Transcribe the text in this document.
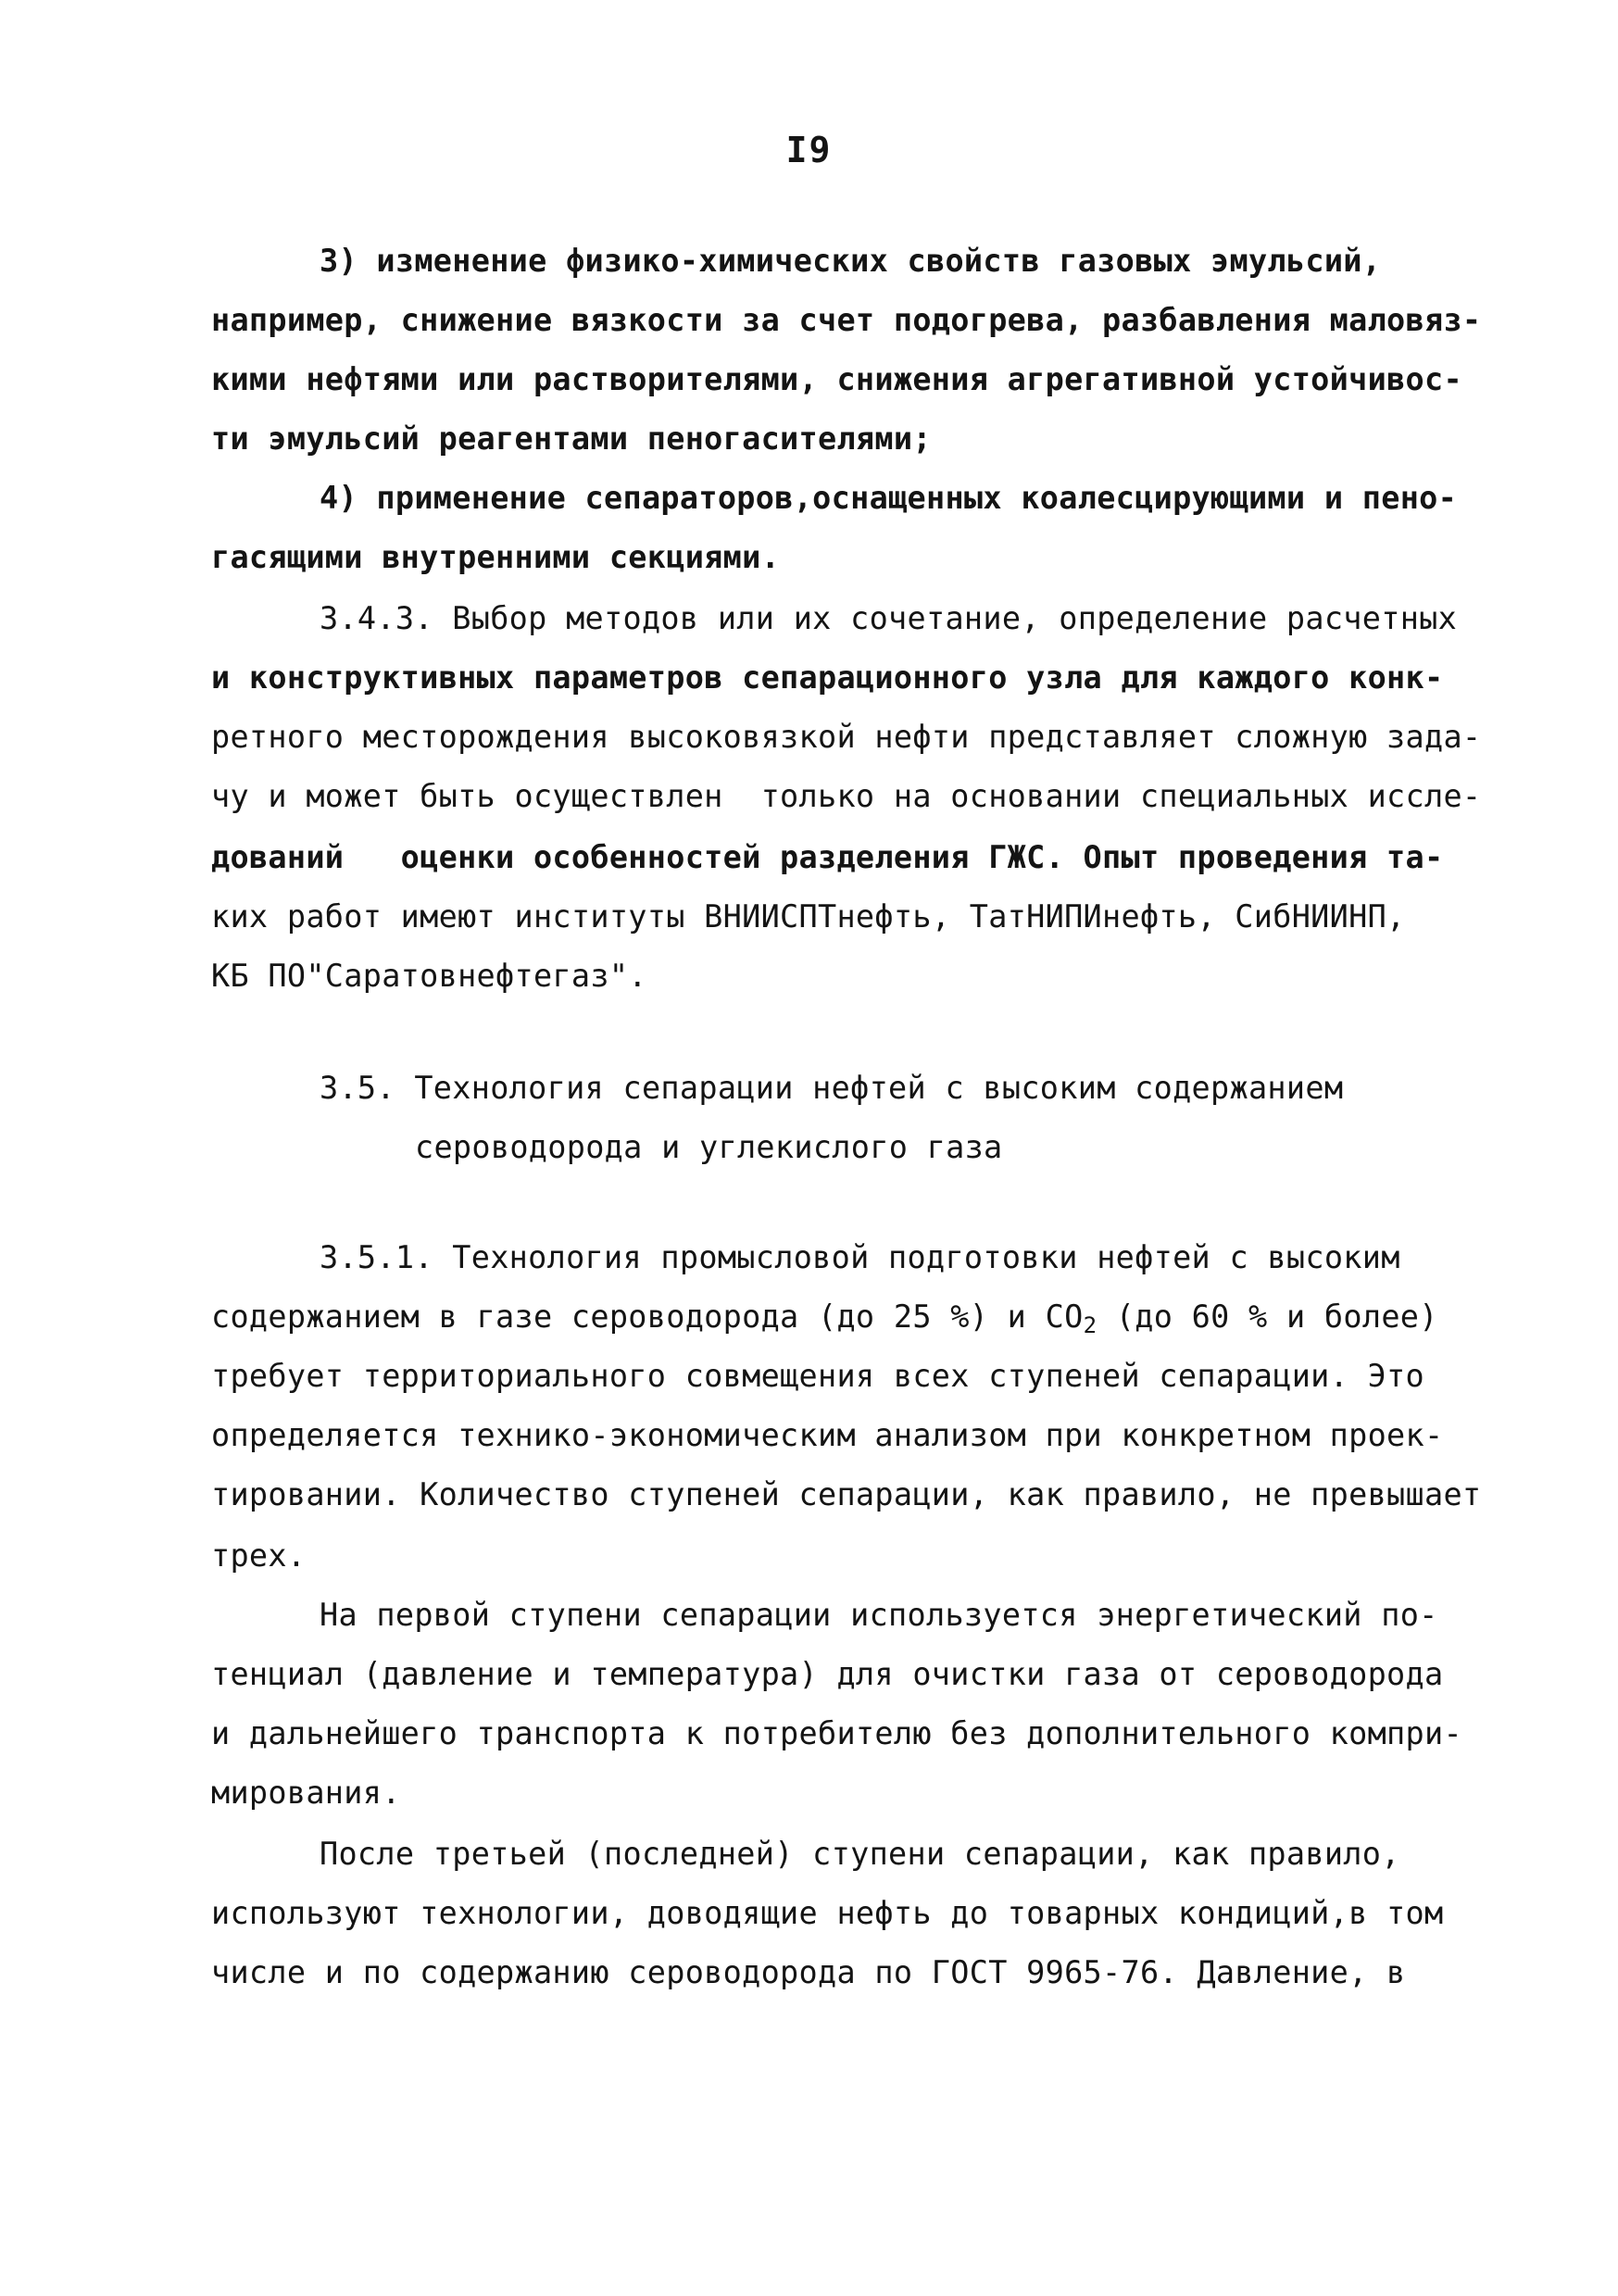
I9
3) изменение физико-химических свойств газовых эмульсий,
например, снижение вязкости за счет подогрева, разбавления маловяз-
кими нефтями или растворителями, снижения агрегативной устойчивос-
ти эмульсий реагентами пеногасителями;
4) применение сепараторов,оснащенных коалесцирующими и пено-
гасящими внутренними секциями.
3.4.3. Выбор методов или их сочетание, определение расчетных
и конструктивных параметров сепарационного узла для каждого конк-
ретного месторождения высоковязкой нефти представляет сложную зада-
чу и может быть осуществлен  только на основании специальных иссле-
дований   оценки особенностей разделения ГЖС. Опыт проведения та-
ких работ имеют институты ВНИИСПТнефть, ТатНИПИнефть, СибНИИНП,
КБ ПО"Саратовнефтегаз".
3.5. Технология сепарации нефтей с высоким содержанием
сероводорода и углекислого газа
3.5.1. Технология промысловой подготовки нефтей с высоким
содержанием в газе сероводорода (до 25 %) и $СО_2$ (до 60 % и более)
требует территориального совмещения всех ступеней сепарации. Это
определяется технико-экономическим анализом при конкретном проек-
тировании. Количество ступеней сепарации, как правило, не превышает
трех.
На первой ступени сепарации используется энергетический по-
тенциал (давление и температура) для очистки газа от сероводорода
и дальнейшего транспорта к потребителю без дополнительного компри-
мирования.
После третьей (последней) ступени сепарации, как правило,
используют технологии, доводящие нефть до товарных кондиций,в том
числе и по содержанию сероводорода по ГОСТ 9965-76. Давление, в
